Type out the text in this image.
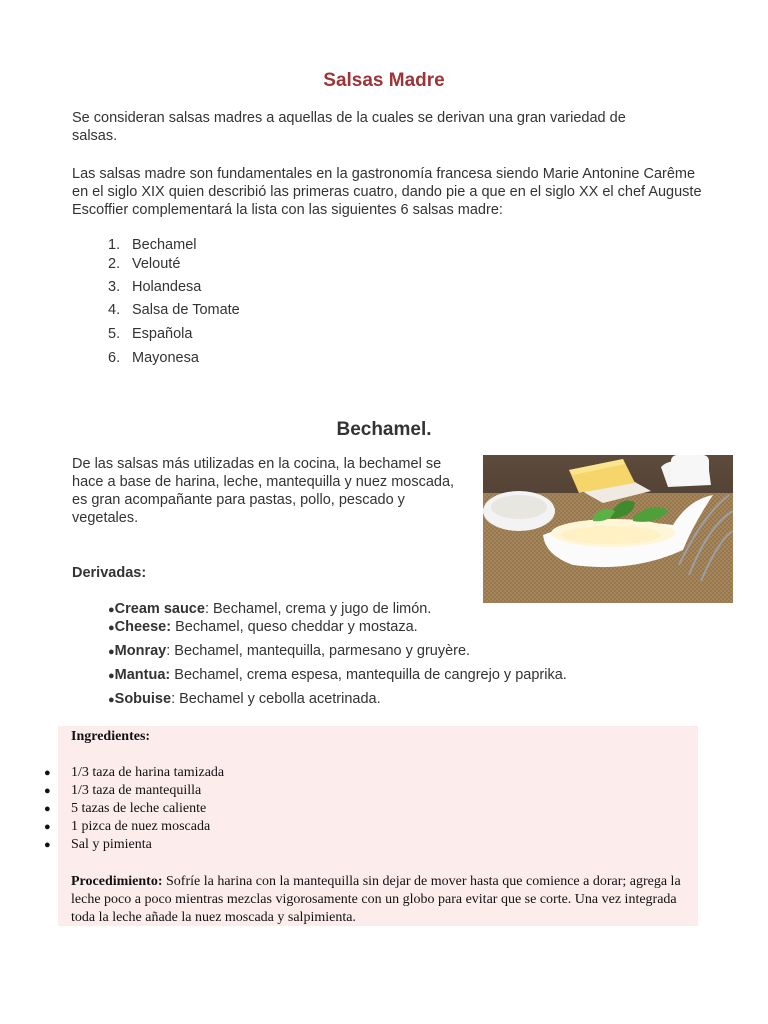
Salsas Madre
Se consideran salsas madres a aquellas de la cuales se derivan una gran variedad de salsas.
Las salsas madre son fundamentales en la gastronomía francesa siendo Marie Antonine Carême en el siglo XIX quien describió las primeras cuatro, dando pie a que en el siglo XX el chef Auguste Escoffier complementará la lista con las siguientes 6 salsas madre:
1. Bechamel
2. Velouté
3. Holandesa
4. Salsa de Tomate
5. Española
6. Mayonesa
Bechamel.
De las salsas más utilizadas en la cocina, la bechamel se hace a base de harina, leche, mantequilla y nuez moscada, es gran acompañante para pastas, pollo, pescado y vegetales.
Derivadas:
●Cream sauce: Bechamel, crema y jugo de limón.
●Cheese: Bechamel, queso cheddar y mostaza.
●Monray: Bechamel, mantequilla, parmesano y gruyère.
●Mantua: Bechamel, crema espesa, mantequilla de cangrejo y paprika.
●Sobuise: Bechamel y cebolla acetrinada.
Ingredientes:
● 1/3 taza de harina tamizada
● 1/3 taza de mantequilla
● 5 tazas de leche caliente
● 1 pizca de nuez moscada
● Sal y pimienta
Procedimiento: Sofríe la harina con la mantequilla sin dejar de mover hasta que comience a dorar; agrega la leche poco a poco mientras mezclas vigorosamente con un globo para evitar que se corte. Una vez integrada toda la leche añade la nuez moscada y salpimienta.
